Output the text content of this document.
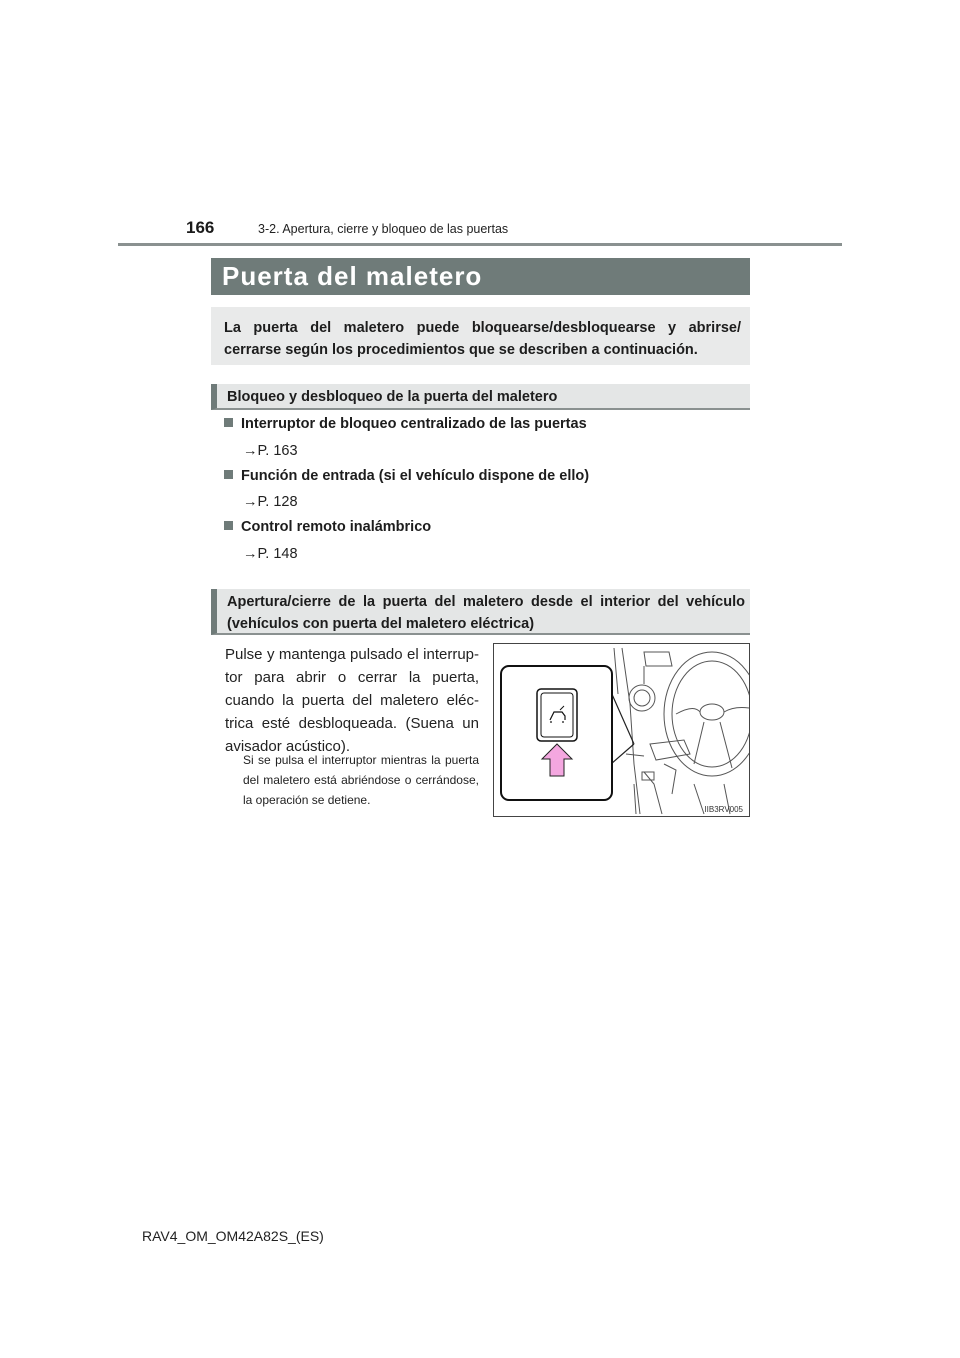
166	3-2. Apertura, cierre y bloqueo de las puertas
Puerta del maletero

La puerta del maletero puede bloquearse/desbloquearse y abrirse/ cerrarse según los procedimientos que se describen a continuación.

Bloqueo y desbloqueo de la puerta del maletero
Interruptor de bloqueo centralizado de las puertas
→P. 163
Función de entrada (si el vehículo dispone de ello)
→P. 128
Control remoto inalámbrico
→P. 148
Apertura/cierre de la puerta del maletero desde el interior del vehículo (vehículos con puerta del maletero eléctrica)

Pulse y mantenga pulsado el interrup- tor para abrir o cerrar la puerta, cuando la puerta del maletero eléc- trica esté desbloqueada. (Suena un avisador acústico).

Si se pulsa el interruptor mientras la puerta del maletero está abriéndose o cerrándose, la operación se detiene.

IIB3RV005
RAV4_OM_OM42A82S_(ES)
